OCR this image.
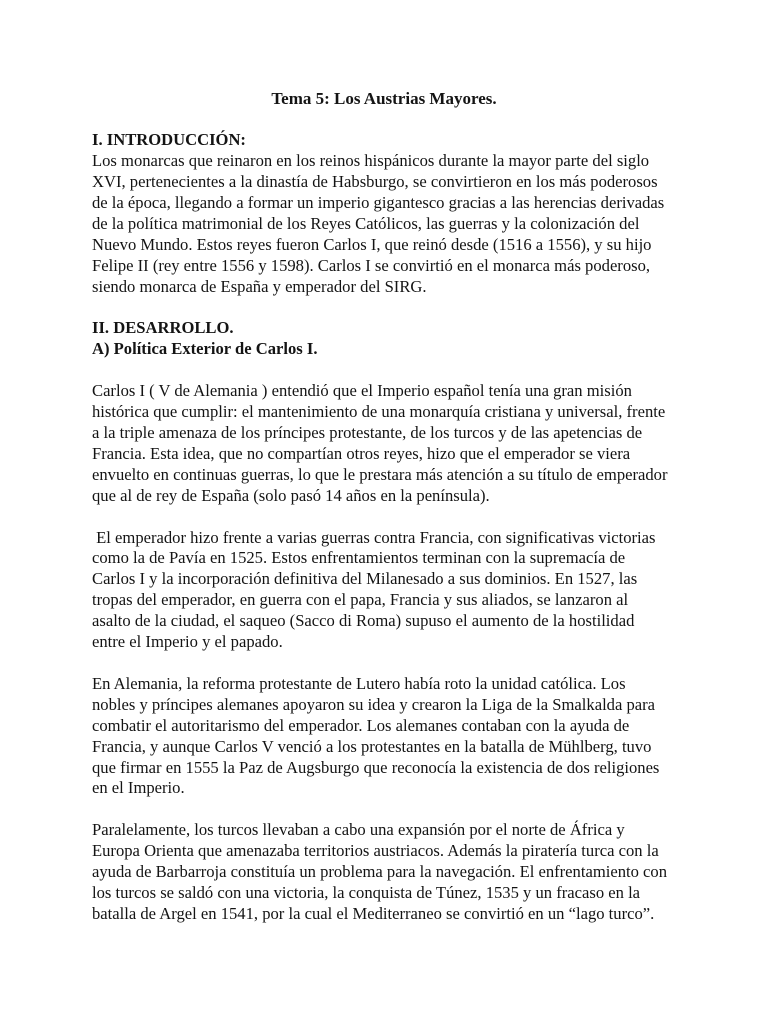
Tema 5: Los Austrias Mayores.
I. INTRODUCCIÓN:
Los monarcas que reinaron en los reinos hispánicos durante la mayor parte del siglo
XVI, pertenecientes a la dinastía de Habsburgo, se convirtieron en los más poderosos
de la época, llegando a formar un imperio gigantesco gracias a las herencias derivadas
de la política matrimonial de los Reyes Católicos, las guerras y la colonización del
Nuevo Mundo. Estos reyes fueron Carlos I, que reinó desde (1516 a 1556), y su hijo
Felipe II (rey entre 1556 y 1598). Carlos I se convirtió en el monarca más poderoso,
siendo monarca de España y emperador del SIRG.
II. DESARROLLO.
A) Política Exterior de Carlos I.
Carlos I ( V de Alemania ) entendió que el Imperio español tenía una gran misión
histórica que cumplir: el mantenimiento de una monarquía cristiana y universal, frente
a la triple amenaza de los príncipes protestante, de los turcos y de las apetencias de
Francia. Esta idea, que no compartían otros reyes, hizo que el emperador se viera
envuelto en continuas guerras, lo que le prestara más atención a su título de emperador
que al de rey de España (solo pasó 14 años en la península).
El emperador hizo frente a varias guerras contra Francia, con significativas victorias
como la de Pavía en 1525. Estos enfrentamientos terminan con la supremacía de
Carlos I y la incorporación definitiva del Milanesado a sus dominios. En 1527, las
tropas del emperador, en guerra con el papa, Francia y sus aliados, se lanzaron al
asalto de la ciudad, el saqueo (Sacco di Roma) supuso el aumento de la hostilidad
entre el Imperio y el papado.
En Alemania, la reforma protestante de Lutero había roto la unidad católica. Los
nobles y príncipes alemanes apoyaron su idea y crearon la Liga de la Smalkalda para
combatir el autoritarismo del emperador. Los alemanes contaban con la ayuda de
Francia, y aunque Carlos V venció a los protestantes en la batalla de Mühlberg, tuvo
que firmar en 1555 la Paz de Augsburgo que reconocía la existencia de dos religiones
en el Imperio.
Paralelamente, los turcos llevaban a cabo una expansión por el norte de África y
Europa Orienta que amenazaba territorios austriacos. Además la piratería turca con la
ayuda de Barbarroja constituía un problema para la navegación. El enfrentamiento con
los turcos se saldó con una victoria, la conquista de Túnez, 1535 y un fracaso en la
batalla de Argel en 1541, por la cual el Mediterraneo se convirtió en un “lago turco”.
